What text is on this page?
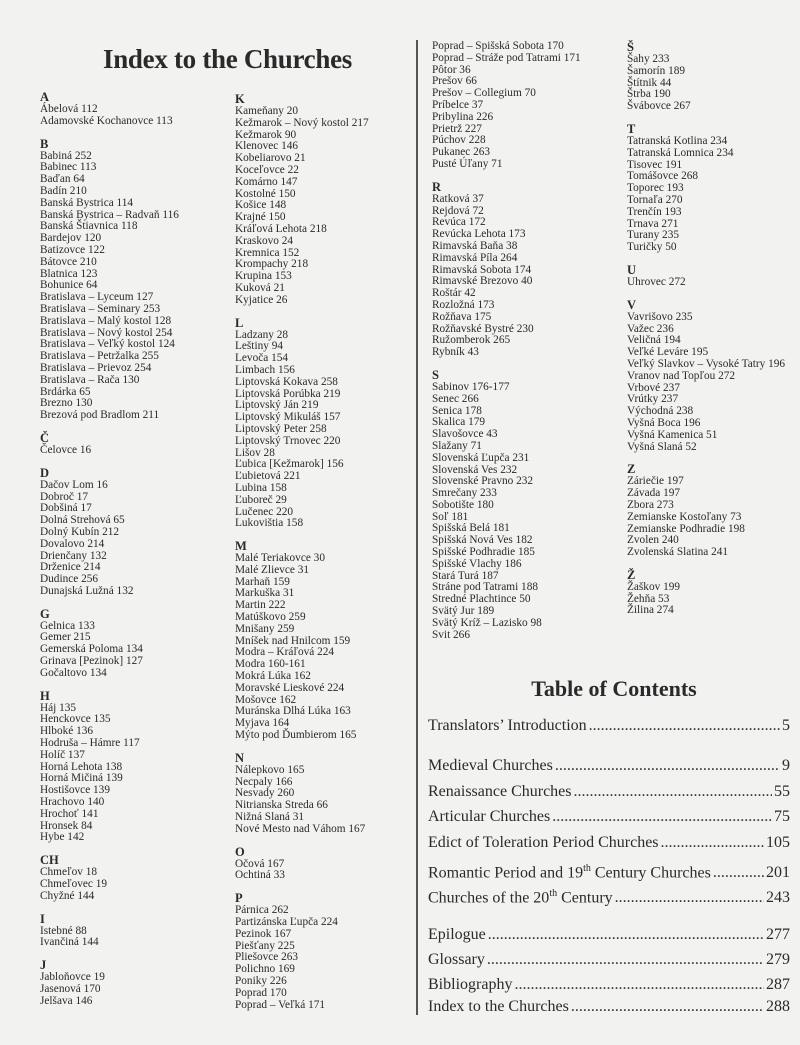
Index to the Churches
A
Ábelová 112
Adamovské Kochanovce 113
B
Babiná 252
Babinec 113
Baďan 64
Badín 210
Banská Bystrica 114
Banská Bystrica – Radvaň 116
Banská Štiavnica 118
Bardejov 120
Batizovce 122
Bátovce 210
Blatnica 123
Bohunice 64
Bratislava – Lyceum 127
Bratislava – Seminary 253
Bratislava – Malý kostol 128
Bratislava – Nový kostol 254
Bratislava – Veľký kostol 124
Bratislava – Petržalka 255
Bratislava – Prievoz 254
Bratislava – Rača 130
Brdárka 65
Brezno 130
Brezová pod Bradlom 211
Č
Čelovce 16
D
Dačov Lom 16
Dobroč 17
Dobšiná 17
Dolná Strehová 65
Dolný Kubín 212
Dovalovo 214
Drienčany 132
Drženice 214
Dudince 256
Dunajská Lužná 132
G
Gelnica 133
Gemer 215
Gemerská Poloma 134
Grinava [Pezinok] 127
Gočaltovo 134
H
Háj 135
Henckovce 135
Hlboké 136
Hodruša – Hámre 117
Holíč 137
Horná Lehota 138
Horná Mičiná 139
Hostišovce 139
Hrachovo 140
Hrochoť 141
Hronsek 84
Hybe 142
CH
Chmeľov 18
Chmeľovec 19
Chyžné 144
I
Istebné 88
Ivančiná 144
J
Jabloňovce 19
Jasenová 170
Jelšava 146
K
Kameňany 20
Kežmarok – Nový kostol 217
Kežmarok 90
Klenovec 146
Kobeliarovo 21
Koceľovce 22
Komárno 147
Kostolné 150
Košice 148
Krajné 150
Kráľová Lehota 218
Kraskovo 24
Kremnica 152
Krompachy 218
Krupina 153
Kuková 21
Kyjatice 26
L
Ladzany 28
Leštiny 94
Levoča 154
Limbach 156
Liptovská Kokava 258
Liptovská Porúbka 219
Liptovský Ján 219
Liptovský Mikuláš 157
Liptovský Peter 258
Liptovský Trnovec 220
Lišov 28
Ľubica [Kežmarok] 156
Ľubietová 221
Lubina 158
Ľuboreč 29
Lučenec 220
Lukovištia 158
M
Malé Teriakovce 30
Malé Zlievce 31
Marhaň 159
Markuška 31
Martin 222
Matúškovo 259
Mnišany 259
Mníšek nad Hnilcom 159
Modra – Kráľová 224
Modra 160-161
Mokrá Lúka 162
Moravské Lieskové 224
Mošovce 162
Muránska Dlhá Lúka 163
Myjava 164
Mýto pod Ďumbierom 165
N
Nálepkovo 165
Necpaly 166
Nesvady 260
Nitrianska Streda 66
Nižná Slaná 31
Nové Mesto nad Váhom 167
O
Očová 167
Ochtiná 33
P
Párnica 262
Partizánska Ľupča 224
Pezinok 167
Piešťany 225
Pliešovce 263
Polichno 169
Poniky 226
Poprad 170
Poprad – Veľká 171
Poprad – Spišská Sobota 170
Poprad – Stráže pod Tatrami 171
Pôtor 36
Prešov 66
Prešov – Collegium 70
Príbelce 37
Pribylina 226
Prietrž 227
Púchov 228
Pukanec 263
Pusté Úľany 71
R
Ratková 37
Rejdová 72
Revúca 172
Revúcka Lehota 173
Rimavská Baňa 38
Rimavská Píla 264
Rimavská Sobota 174
Rimavské Brezovo 40
Roštár 42
Rozložná 173
Rožňava 175
Rožňavské Bystré 230
Ružomberok 265
Rybník 43
S
Sabinov 176-177
Senec 266
Senica 178
Skalica 179
Slavošovce 43
Slažany 71
Slovenská Ľupča 231
Slovenská Ves 232
Slovenské Pravno 232
Smrečany 233
Sobotište 180
Soľ 181
Spišská Belá 181
Spišská Nová Ves 182
Spišské Podhradie 185
Spišské Vlachy 186
Stará Turá 187
Stráne pod Tatrami 188
Stredné Plachtince 50
Svätý Jur 189
Svätý Kríž – Lazisko 98
Svit 266
Š
Šahy 233
Šamorín 189
Štítnik 44
Štrba 190
Švábovce 267
T
Tatranská Kotlina 234
Tatranská Lomnica 234
Tisovec 191
Tomášovce 268
Toporec 193
Tornaľa 270
Trenčín 193
Trnava 271
Turany 235
Turičky 50
U
Uhrovec 272
V
Vavrišovo 235
Važec 236
Veličná 194
Veľké Leváre 195
Veľký Slavkov – Vysoké Tatry 196
Vranov nad Topľou 272
Vrbové 237
Vrútky 237
Východná 238
Vyšná Boca 196
Vyšná Kamenica 51
Vyšná Slaná 52
Z
Záriečie 197
Závada 197
Zbora 273
Zemianske Kostoľany 73
Zemianske Podhradie 198
Zvolen 240
Zvolenská Slatina 241
Ž
Žaškov 199
Žehňa 53
Žilina 274
Table of Contents
Translators’ Introduction .....	5
Medieval Churches .....	9
Renaissance Churches .....	55
Articular Churches .....	75
Edict of Toleration Period Churches .....	105
Romantic Period and 19th Century Churches .....	201
Churches of the 20th Century .....	243
Epilogue .....	277
Glossary .....	279
Bibliography .....	287
Index to the Churches .....	288
